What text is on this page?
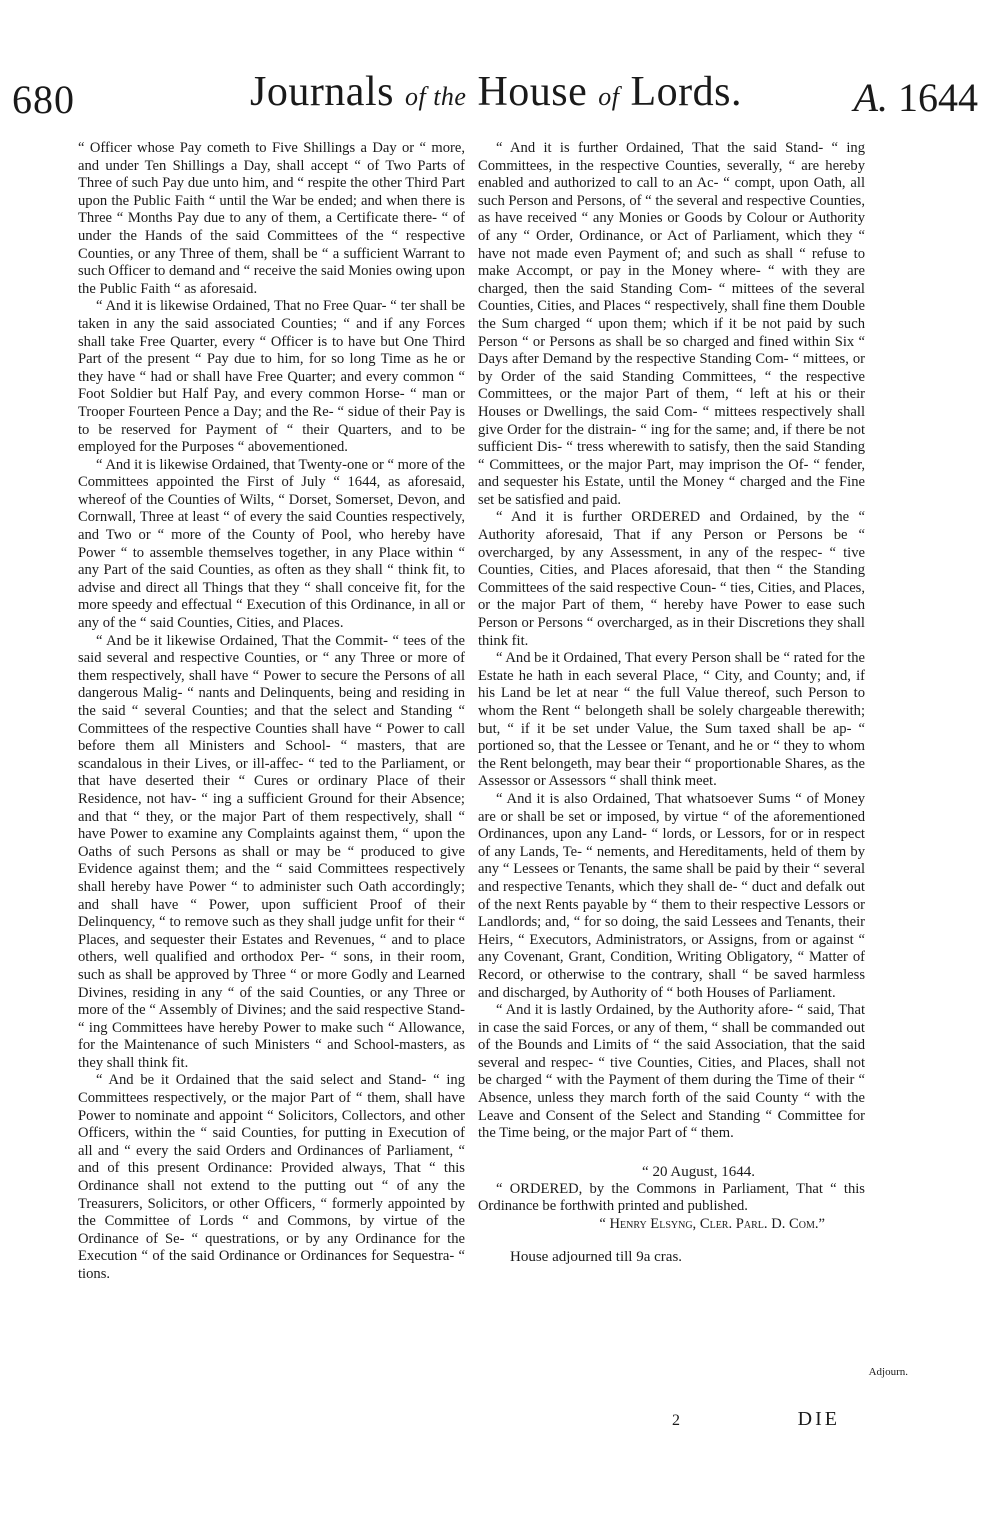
680	Journals of the House of Lords.	A. 1644

“ Officer whose Pay cometh to Five Shillings a Day or “ more, and under Ten Shillings a Day, shall accept “ of Two Parts of Three of such Pay due unto him, and “ respite the other Third Part upon the Public Faith “ until the War be ended; and when there is Three “ Months Pay due to any of them, a Certificate there- “ of under the Hands of the said Committees of the “ respective Counties, or any Three of them, shall be “ a sufficient Warrant to such Officer to demand and “ receive the said Monies owing upon the Public Faith “ as aforesaid.

“ And it is likewise Ordained, That no Free Quar- “ ter shall be taken in any the said associated Counties; “ and if any Forces shall take Free Quarter, every “ Officer is to have but One Third Part of the present “ Pay due to him, for so long Time as he or they have “ had or shall have Free Quarter; and every common “ Foot Soldier but Half Pay, and every common Horse- “ man or Trooper Fourteen Pence a Day; and the Re- “ sidue of their Pay is to be reserved for Payment of “ their Quarters, and to be employed for the Purposes “ abovementioned.

“ And it is likewise Ordained, that Twenty-one or “ more of the Committees appointed the First of July “ 1644, as aforesaid, whereof of the Counties of Wilts, “ Dorset, Somerset, Devon, and Cornwall, Three at least “ of every the said Counties respectively, and Two or “ more of the County of Pool, who hereby have Power “ to assemble themselves together, in any Place within “ any Part of the said Counties, as often as they shall “ think fit, to advise and direct all Things that they “ shall conceive fit, for the more speedy and effectual “ Execution of this Ordinance, in all or any of the “ said Counties, Cities, and Places.

“ And be it likewise Ordained, That the Commit- “ tees of the said several and respective Counties, or “ any Three or more of them respectively, shall have “ Power to secure the Persons of all dangerous Malig- “ nants and Delinquents, being and residing in the said “ several Counties; and that the select and Standing “ Committees of the respective Counties shall have “ Power to call before them all Ministers and School- “ masters, that are scandalous in their Lives, or ill-affec- “ ted to the Parliament, or that have deserted their “ Cures or ordinary Place of their Residence, not hav- “ ing a sufficient Ground for their Absence; and that “ they, or the major Part of them respectively, shall “ have Power to examine any Complaints against them, “ upon the Oaths of such Persons as shall or may be “ produced to give Evidence against them; and the “ said Committees respectively shall hereby have Power “ to administer such Oath accordingly; and shall have “ Power, upon sufficient Proof of their Delinquency, “ to remove such as they shall judge unfit for their “ Places, and sequester their Estates and Revenues, “ and to place others, well qualified and orthodox Per- “ sons, in their room, such as shall be approved by Three “ or more Godly and Learned Divines, residing in any “ of the said Counties, or any Three or more of the “ Assembly of Divines; and the said respective Stand- “ ing Committees have hereby Power to make such “ Allowance, for the Maintenance of such Ministers “ and School-masters, as they shall think fit.

“ And be it Ordained that the said select and Stand- “ ing Committees respectively, or the major Part of “ them, shall have Power to nominate and appoint “ Solicitors, Collectors, and other Officers, within the “ said Counties, for putting in Execution of all and “ every the said Orders and Ordinances of Parliament, “ and of this present Ordinance: Provided always, That “ this Ordinance shall not extend to the putting out “ of any the Treasurers, Solicitors, or other Officers, “ formerly appointed by the Committee of Lords “ and Commons, by virtue of the Ordinance of Se- “ questrations, or by any Ordinance for the Execution “ of the said Ordinance or Ordinances for Sequestra- “ tions.

“ And it is further Ordained, That the said Stand- “ ing Committees, in the respective Counties, severally, “ are hereby enabled and authorized to call to an Ac- “ compt, upon Oath, all such Person and Persons, of “ the several and respective Counties, as have received “ any Monies or Goods by Colour or Authority of any “ Order, Ordinance, or Act of Parliament, which they “ have not made even Payment of; and such as shall “ refuse to make Accompt, or pay in the Money where- “ with they are charged, then the said Standing Com- “ mittees of the several Counties, Cities, and Places “ respectively, shall fine them Double the Sum charged “ upon them; which if it be not paid by such Person “ or Persons as shall be so charged and fined within Six “ Days after Demand by the respective Standing Com- “ mittees, or by Order of the said Standing Committees, “ the respective Committees, or the major Part of them, “ left at his or their Houses or Dwellings, the said Com- “ mittees respectively shall give Order for the distrain- “ ing for the same; and, if there be not sufficient Dis- “ tress wherewith to satisfy, then the said Standing “ Committees, or the major Part, may imprison the Of- “ fender, and sequester his Estate, until the Money “ charged and the Fine set be satisfied and paid.

“ And it is further ORDERED and Ordained, by the “ Authority aforesaid, That if any Person or Persons be “ overcharged, by any Assessment, in any of the respec- “ tive Counties, Cities, and Places aforesaid, that then “ the Standing Committees of the said respective Coun- “ ties, Cities, and Places, or the major Part of them, “ hereby have Power to ease such Person or Persons “ overcharged, as in their Discretions they shall think fit.

“ And be it Ordained, That every Person shall be “ rated for the Estate he hath in each several Place, “ City, and County; and, if his Land be let at near “ the full Value thereof, such Person to whom the Rent “ belongeth shall be solely chargeable therewith; but, “ if it be set under Value, the Sum taxed shall be ap- “ portioned so, that the Lessee or Tenant, and he or “ they to whom the Rent belongeth, may bear their “ proportionable Shares, as the Assessor or Assessors “ shall think meet.

“ And it is also Ordained, That whatsoever Sums “ of Money are or shall be set or imposed, by virtue “ of the aforementioned Ordinances, upon any Land- “ lords, or Lessors, for or in respect of any Lands, Te- “ nements, and Hereditaments, held of them by any “ Lessees or Tenants, the same shall be paid by their “ several and respective Tenants, which they shall de- “ duct and defalk out of the next Rents payable by “ them to their respective Lessors or Landlords; and, “ for so doing, the said Lessees and Tenants, their Heirs, “ Executors, Administrators, or Assigns, from or against “ any Covenant, Grant, Condition, Writing Obligatory, “ Matter of Record, or otherwise to the contrary, shall “ be saved harmless and discharged, by Authority of “ both Houses of Parliament.

“ And it is lastly Ordained, by the Authority afore- “ said, That in case the said Forces, or any of them, “ shall be commanded out of the Bounds and Limits of “ the said Association, that the said several and respec- “ tive Counties, Cities, and Places, shall not be charged “ with the Payment of them during the Time of their “ Absence, unless they march forth of the said County “ with the Leave and Consent of the Select and Standing “ Committee for the Time being, or the major Part of “ them.

“ 20 August, 1644.

“ ORDERED, by the Commons in Parliament, That “ this Ordinance be forthwith printed and published.

“ Henry Elsyng, Cler. Parl. D. Com.”

House adjourned till 9a cras.

Adjourn.
2	DIE
